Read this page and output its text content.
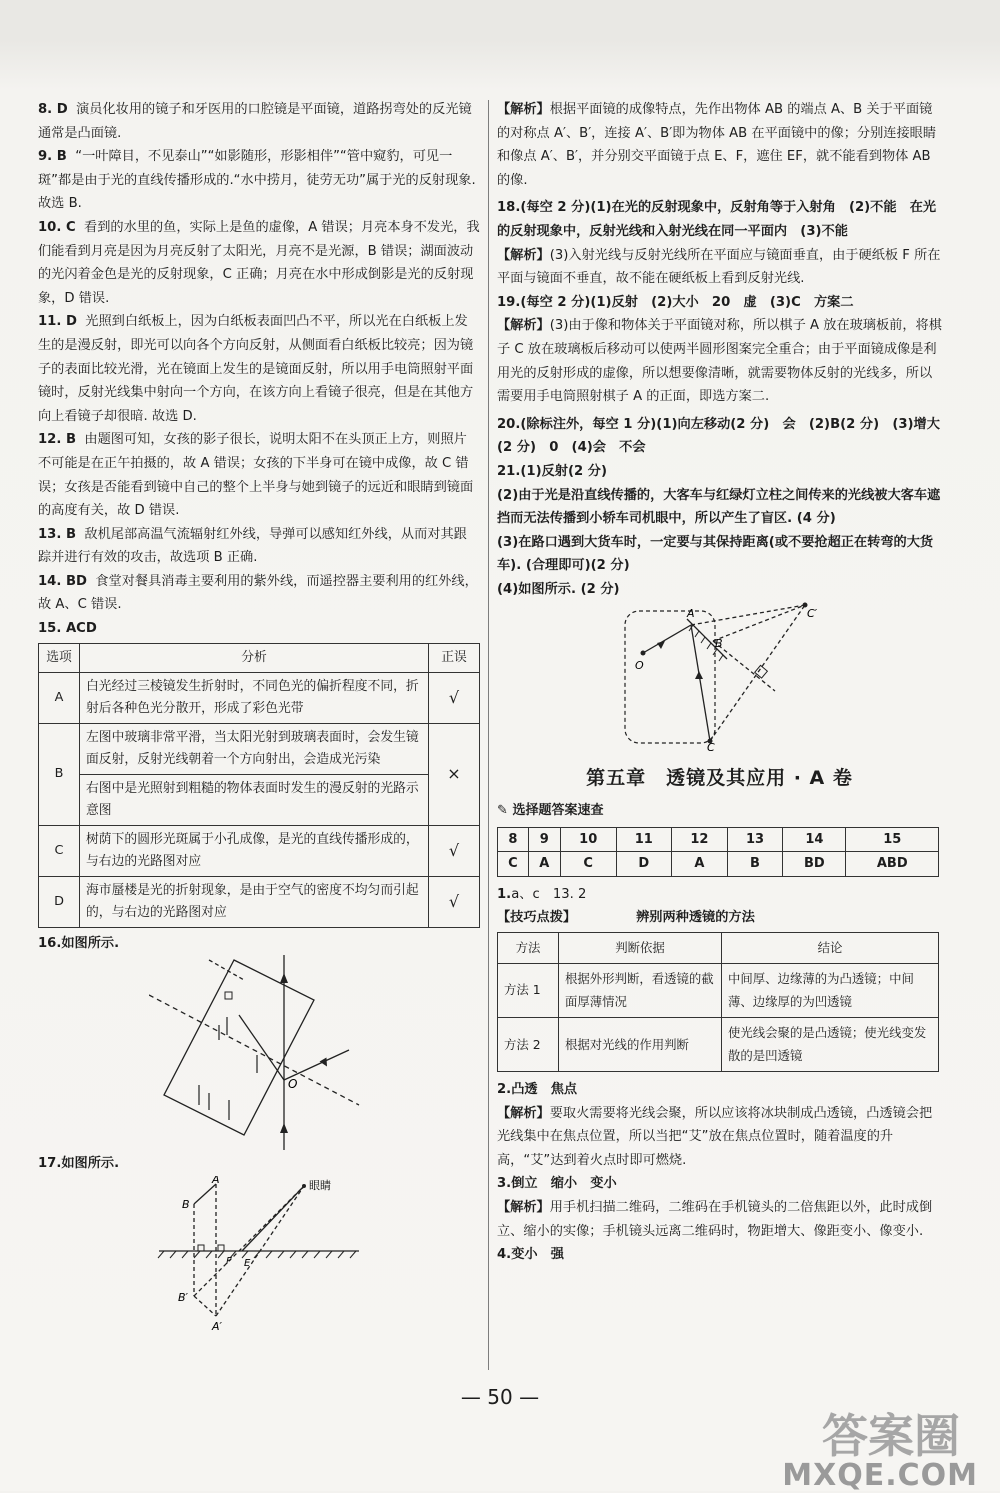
8. D 演员化妆用的镜子和牙医用的口腔镜是平面镜，道路拐弯处的反光镜通常是凸面镜.

9. B “一叶障目，不见泰山”“如影随形，形影相伴”“管中窥豹，可见一斑”都是由于光的直线传播形成的.“水中捞月，徒劳无功”属于光的反射现象. 故选 B.

10. C 看到的水里的鱼，实际上是鱼的虚像，A 错误；月亮本身不发光，我们能看到月亮是因为月亮反射了太阳光，月亮不是光源，B 错误；湖面波动的光闪着金色是光的反射现象，C 正确；月亮在水中形成倒影是光的反射现象，D 错误.

11. D 光照到白纸板上，因为白纸板表面凹凸不平，所以光在白纸板上发生的是漫反射，即光可以向各个方向反射，从侧面看白纸板比较亮；因为镜子的表面比较光滑，光在镜面上发生的是镜面反射，所以用手电筒照射平面镜时，反射光线集中射向一个方向，在该方向上看镜子很亮，但是在其他方向上看镜子却很暗. 故选 D.

12. B 由题图可知，女孩的影子很长，说明太阳不在头顶正上方，则照片不可能是在正午拍摄的，故 A 错误；女孩的下半身可在镜中成像，故 C 错误；女孩是否能看到镜中自己的整个上半身与她到镜子的远近和眼睛到镜面的高度有关，故 D 错误.

13. B 敌机尾部高温气流辐射红外线，导弹可以感知红外线，从而对其跟踪并进行有效的攻击，故选项 B 正确.

14. BD 食堂对餐具消毒主要利用的紫外线，而遥控器主要利用的红外线，故 A、C 错误.

15. ACD

选项	分析	正误
A	白光经过三棱镜发生折射时，不同色光的偏折程度不同，折射后各种色光分散开，形成了彩色光带	√
B	左图中玻璃非常平滑，当太阳光射到玻璃表面时，会发生镜面反射，反射光线朝着一个方向射出，会造成光污染	×
	右图中是光照射到粗糙的物体表面时发生的漫反射的光路示意图	
C	树荫下的圆形光斑属于小孔成像，是光的直线传播形成的，与右边的光路图对应	√
D	海市蜃楼是光的折射现象，是由于空气的密度不均匀而引起的，与右边的光路图对应	√

16.如图所示.

O

17.如图所示.

A
B
眼睛
F E
B′
A′

【解析】根据平面镜的成像特点，先作出物体 AB 的端点 A、B 关于平面镜的对称点 A′、B′，连接 A′、B′即为物体 AB 在平面镜中的像；分别连接眼睛和像点 A′、B′，并分别交平面镜于点 E、F，遮住 EF，就不能看到物体 AB 的像.

18.(每空 2 分)(1)在光的反射现象中，反射角等于入射角　(2)不能　在光的反射现象中，反射光线和入射光线在同一平面内　(3)不能

【解析】(3)入射光线与反射光线所在平面应与镜面垂直，由于硬纸板 F 所在平面与镜面不垂直，故不能在硬纸板上看到反射光线.

19.(每空 2 分)(1)反射　(2)大小　20　虚　(3)C　方案二

【解析】(3)由于像和物体关于平面镜对称，所以棋子 A 放在玻璃板前，将棋子 C 放在玻璃板后移动可以使两半圆形图案完全重合；由于平面镜成像是利用光的反射形成的虚像，所以想要像清晰，就需要物体反射的光线多，所以需要用手电筒照射棋子 A 的正面，即选方案二.

20.(除标注外，每空 1 分)(1)向左移动(2 分)　会　(2)B(2 分)　(3)增大(2 分)　0　(4)会　不会

21.(1)反射(2 分)

(2)由于光是沿直线传播的，大客车与红绿灯立柱之间传来的光线被大客车遮挡而无法传播到小轿车司机眼中，所以产生了盲区. (4 分)

(3)在路口遇到大货车时，一定要与其保持距离(或不要抢超正在转弯的大货车). (合理即可)(2 分)

(4)如图所示. (2 分)

A
B
C′
O
C
第五章　透镜及其应用 · A 卷
✎ 选择题答案速查
8	9	10	11	12	13	14	15
C	A	C	D	A	B	BD	ABD

1.a、c　13. 2

【技巧点拨】	辨别两种透镜的方法

方法	判断依据	结论
方法 1	根据外形判断，看透镜的截面厚薄情况	中间厚、边缘薄的为凸透镜；中间薄、边缘厚的为凹透镜
方法 2	根据对光线的作用判断	使光线会聚的是凸透镜；使光线变发散的是凹透镜

2.凸透　焦点

【解析】要取火需要将光线会聚，所以应该将冰块制成凸透镜，凸透镜会把光线集中在焦点位置，所以当把“艾”放在焦点位置时，随着温度的升高，“艾”达到着火点时即可燃烧.

3.倒立　缩小　变小

【解析】用手机扫描二维码，二维码在手机镜头的二倍焦距以外，此时成倒立、缩小的实像；手机镜头远离二维码时，物距增大、像距变小、像变小.

4.变小　强

— 50 —
答案圈
MXQE.COM
